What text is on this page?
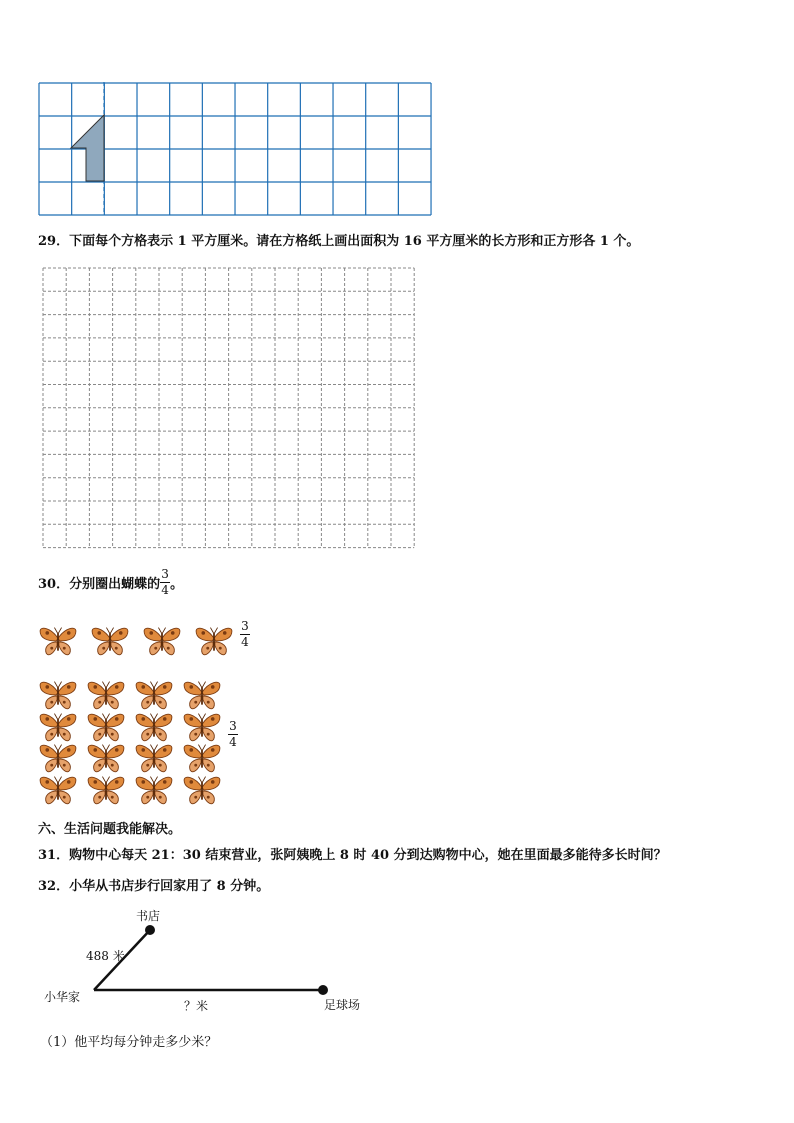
29．下面每个方格表示 1 平方厘米。请在方格纸上画出面积为 16 平方厘米的长方形和正方形各 1 个。
30． 分别圈出蝴蝶的 $\frac{3}{4}$ 。
3
4
3
4
六、生活问题我能解决。
31．购物中心每天 21：30 结束营业，张阿姨晚上 8 时 40 分到达购物中心，她在里面最多能待多长时间？
32．小华从书店步行回家用了 8 分钟。
书店
488 米
小华家
？米	足球场
（1）他平均每分钟走多少米？
